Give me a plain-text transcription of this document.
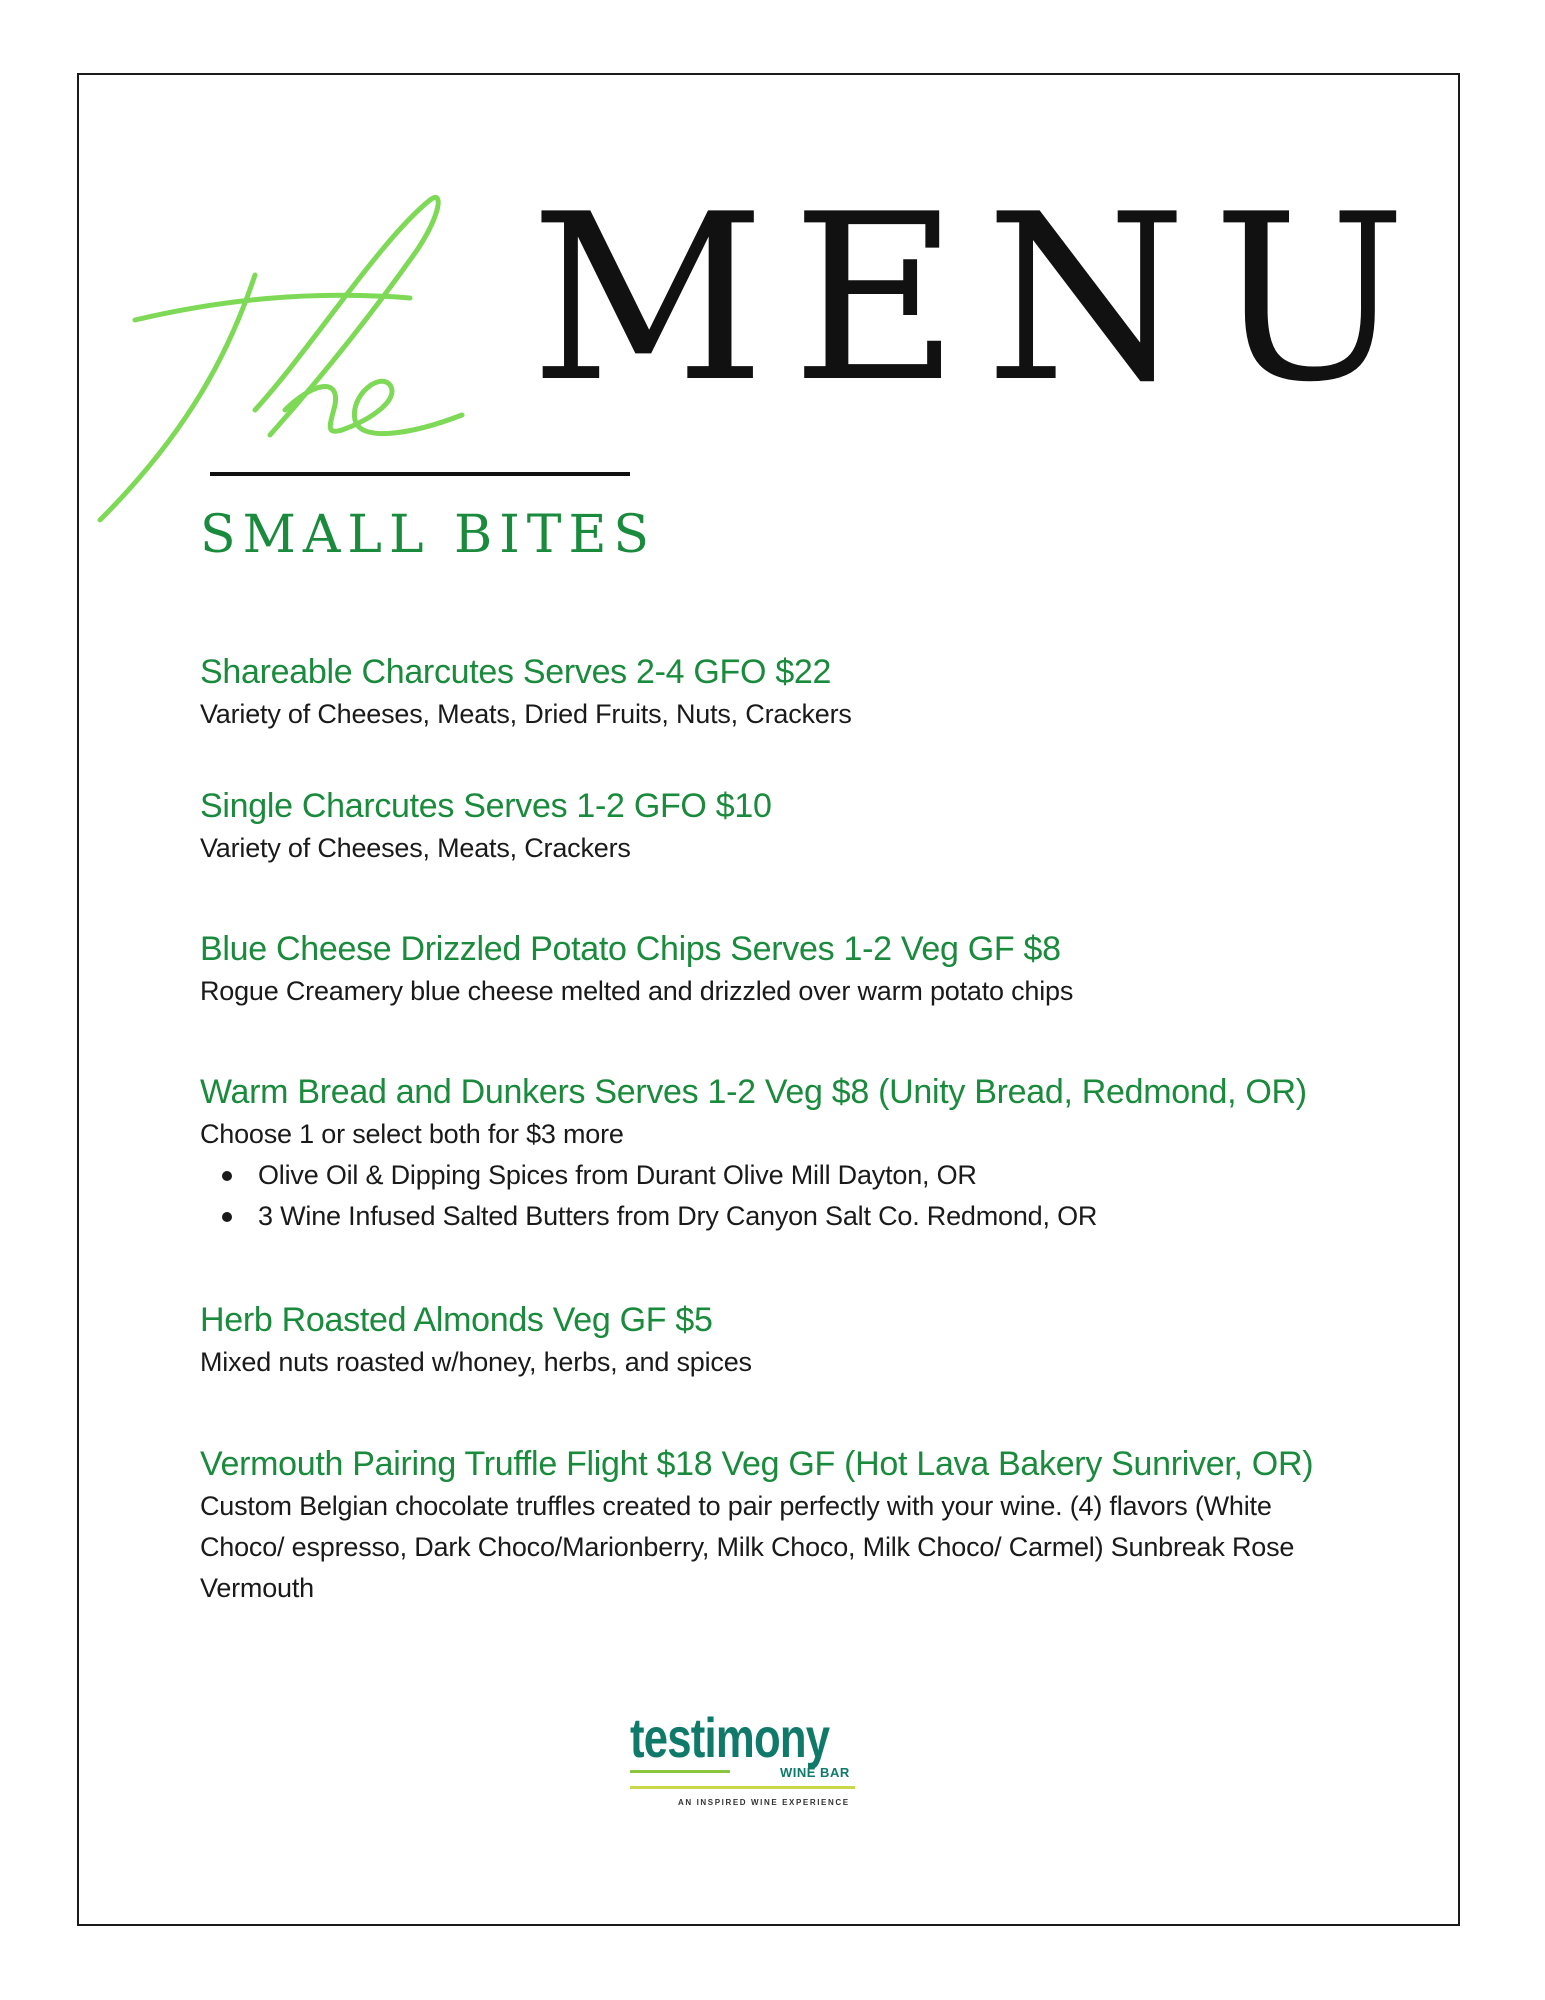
MENU
SMALL BITES

Shareable Charcutes Serves 2-4 GFO $22

Variety of Cheeses, Meats, Dried Fruits, Nuts, Crackers

Single Charcutes Serves 1-2 GFO $10

Variety of Cheeses, Meats, Crackers

Blue Cheese Drizzled Potato Chips Serves 1-2 Veg GF $8

Rogue Creamery blue cheese melted and drizzled over warm potato chips

Warm Bread and Dunkers Serves 1-2 Veg $8 (Unity Bread, Redmond, OR)

Choose 1 or select both for $3 more

Olive Oil & Dipping Spices from Durant Olive Mill Dayton, OR
3 Wine Infused Salted Butters from Dry Canyon Salt Co. Redmond, OR

Herb Roasted Almonds Veg GF $5

Mixed nuts roasted w/honey, herbs, and spices

Vermouth Pairing Truffle Flight $18 Veg GF (Hot Lava Bakery Sunriver, OR)

Custom Belgian chocolate truffles created to pair perfectly with your wine. (4) flavors (White

Choco/ espresso, Dark Choco/Marionberry, Milk Choco, Milk Choco/ Carmel) Sunbreak Rose

Vermouth

testimony
WINE BAR
AN INSPIRED WINE EXPERIENCE
